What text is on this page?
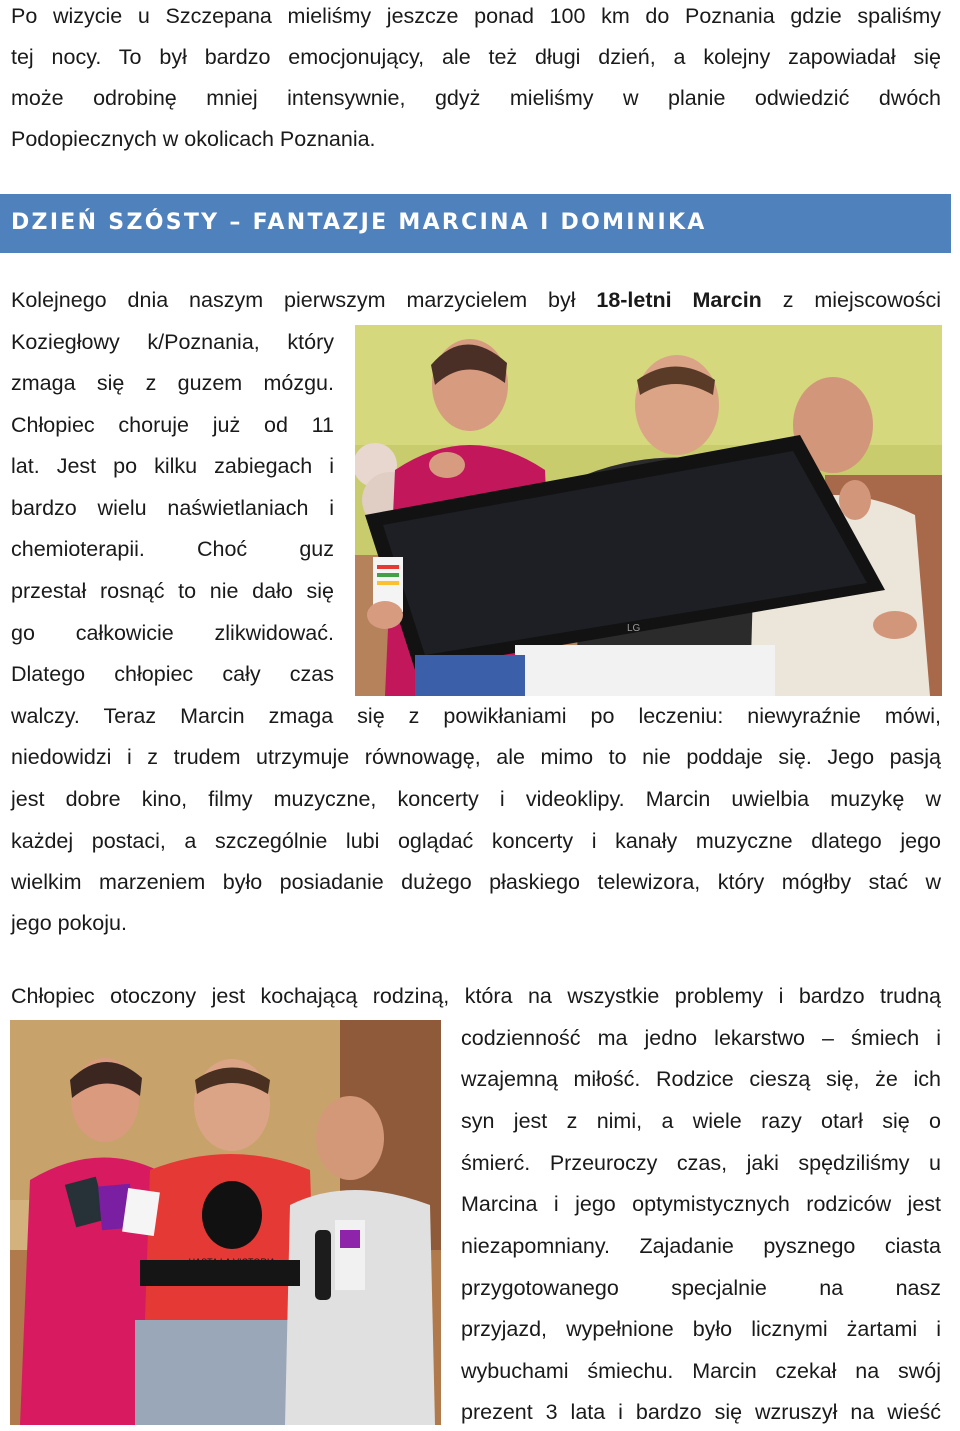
Po wizycie u Szczepana mieliśmy jeszcze ponad 100 km do Poznania gdzie spaliśmy
tej nocy. To był bardzo emocjonujący, ale też długi dzień, a kolejny zapowiadał się
może odrobinę mniej intensywnie, gdyż mieliśmy w planie odwiedzić dwóch
Podopiecznych w okolicach Poznania.
DZIEŃ SZÓSTY – FANTAZJE MARCINA I DOMINIKA
Kolejnego dnia naszym pierwszym marzycielem był 18-letni Marcin z miejscowości
Koziegłowy k/Poznania, który
zmaga się z guzem mózgu.
Chłopiec choruje już od 11
lat. Jest po kilku zabiegach i
bardzo wielu naświetlaniach i
chemioterapii. Choć guz
przestał rosnąć to nie dało się
go całkowicie zlikwidować.
Dlatego chłopiec cały czas
LG
walczy. Teraz Marcin zmaga się z powikłaniami po leczeniu: niewyraźnie mówi,
niedowidzi i z trudem utrzymuje równowagę, ale mimo to nie poddaje się. Jego pasją
jest dobre kino, filmy muzyczne, koncerty i videoklipy. Marcin uwielbia muzykę w
każdej postaci, a szczególnie lubi oglądać koncerty i kanały muzyczne dlatego jego
wielkim marzeniem było posiadanie dużego płaskiego telewizora, który mógłby stać w
jego pokoju.
Chłopiec otoczony jest kochającą rodziną, która na wszystkie problemy i bardzo trudną
codzienność ma jedno lekarstwo – śmiech i
wzajemną miłość. Rodzice cieszą się, że ich
syn jest z nimi, a wiele razy otarł się o
śmierć. Przeuroczy czas, jaki spędziliśmy u
Marcina i jego optymistycznych rodziców jest
niezapomniany. Zajadanie pysznego ciasta
przygotowanego specjalnie na nasz
przyjazd, wypełnione było licznymi żartami i
wybuchami śmiechu. Marcin czekał na swój
prezent 3 lata i bardzo się wzruszył na wieść
